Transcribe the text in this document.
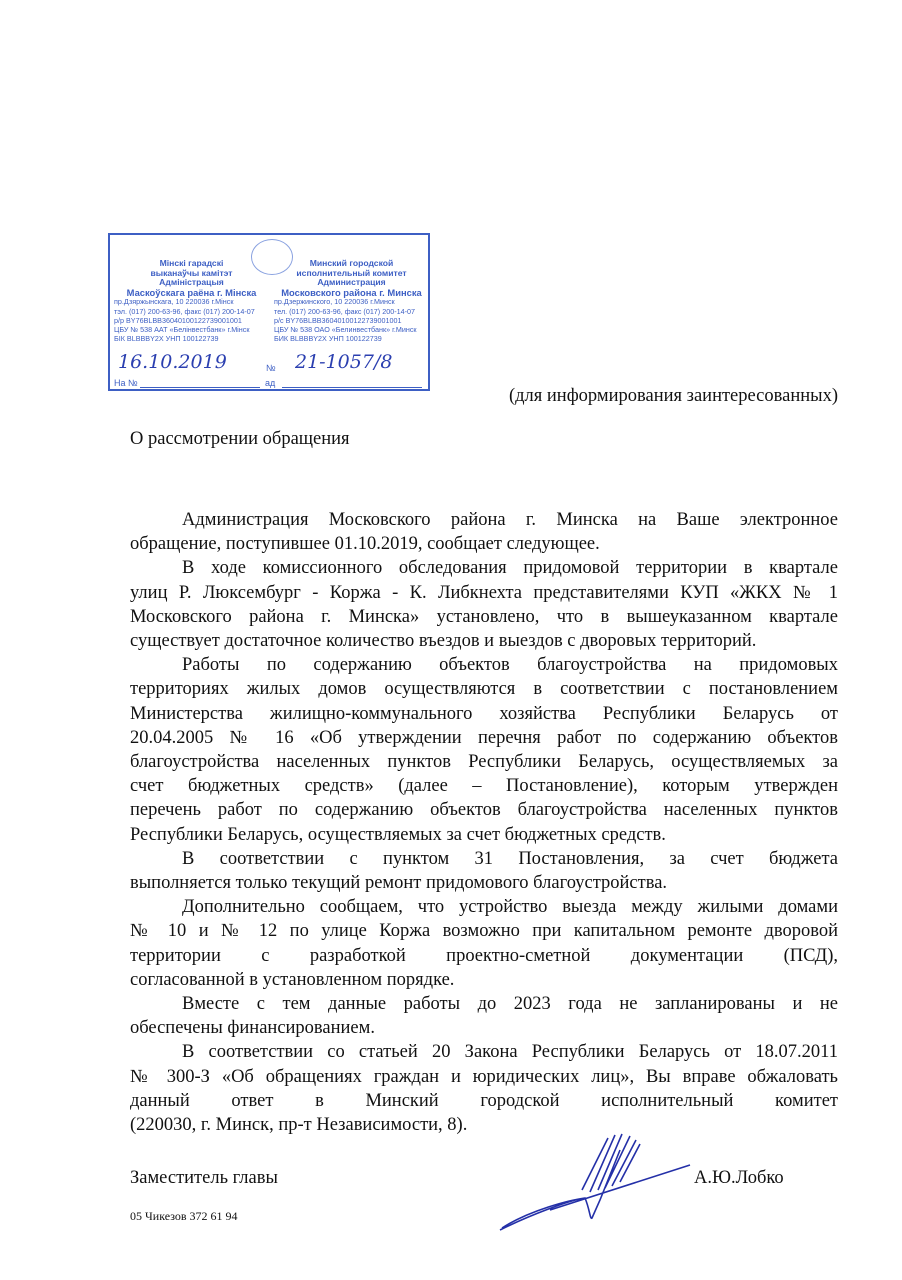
Мінскі гарадскі
выканаўчы камітэт
Адміністрацыя
Маскоўскага раёна г. Мінска
пр.Дзяржынскага, 10 220036 г.Мінск
тэл. (017) 200-63-96, факс (017) 200-14-07
р/р BY76BLBB36040100122739001001
ЦБУ № 538 ААТ «Белінвестбанк» г.Мінск
БІК BLBBBY2X УНП 100122739
Минский городской
исполнительный комитет
Администрация
Московского района г. Минска
пр.Дзержинского, 10 220036 г.Минск
тел. (017) 200-63-96, факс (017) 200-14-07
р/с BY76BLBB36040100122739001001
ЦБУ № 538 ОАО «Белинвестбанк» г.Минск
БИК BLBBBY2X УНП 100122739
16.10.2019	№ 21-1057/8
На №	ад
(для информирования заинтересованных)
О рассмотрении обращения
Администрация Московского района г. Минска на Ваше электронное
обращение, поступившее 01.10.2019, сообщает следующее.
В ходе комиссионного обследования придомовой территории в квартале
улиц Р. Люксембург - Коржа - К. Либкнехта представителями КУП «ЖКХ № 1
Московского района г. Минска» установлено, что в вышеуказанном квартале
существует достаточное количество въездов и выездов с дворовых территорий.
Работы по содержанию объектов благоустройства на придомовых
территориях жилых домов осуществляются в соответствии с постановлением
Министерства жилищно-коммунального хозяйства Республики Беларусь от
20.04.2005 № 16 «Об утверждении перечня работ по содержанию объектов
благоустройства населенных пунктов Республики Беларусь, осуществляемых за
счет бюджетных средств» (далее – Постановление), которым утвержден
перечень работ по содержанию объектов благоустройства населенных пунктов
Республики Беларусь, осуществляемых за счет бюджетных средств.
В соответствии с пунктом 31 Постановления, за счет бюджета
выполняется только текущий ремонт придомового благоустройства.
Дополнительно сообщаем, что устройство выезда между жилыми домами
№ 10 и № 12 по улице Коржа возможно при капитальном ремонте дворовой
территории с разработкой проектно-сметной документации (ПСД),
согласованной в установленном порядке.
Вместе с тем данные работы до 2023 года не запланированы и не
обеспечены финансированием.
В соответствии со статьей 20 Закона Республики Беларусь от 18.07.2011
№ 300-З «Об обращениях граждан и юридических лиц», Вы вправе обжаловать
данный ответ в Минский городской исполнительный комитет
(220030, г. Минск, пр-т Независимости, 8).
Заместитель главы	А.Ю.Лобко
05 Чикезов 372 61 94
